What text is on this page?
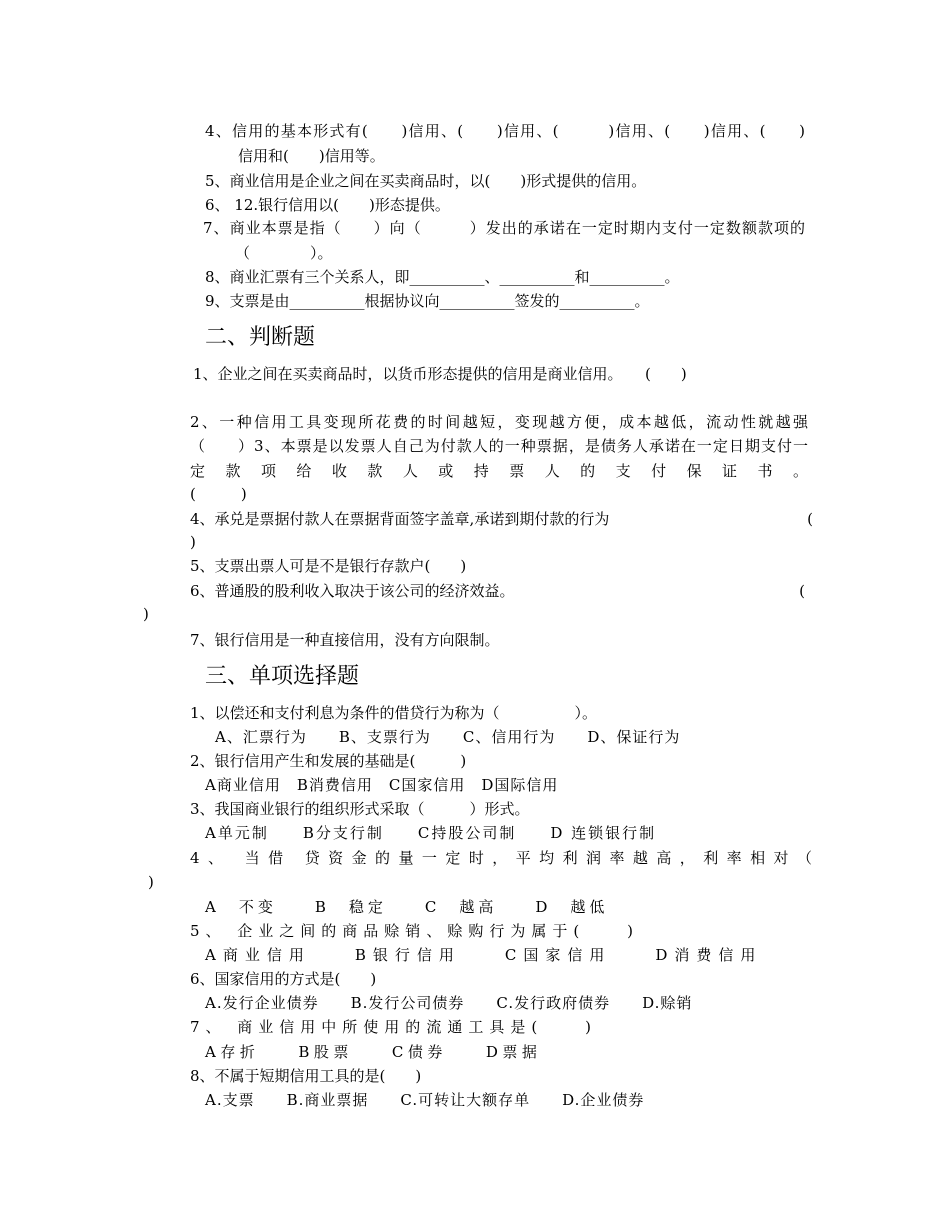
4、信用的基本形式有(　　)信用、(　　)信用、(　　　)信用、(　　)信用、(　　)
信用和(　　)信用等。
5、商业信用是企业之间在买卖商品时，以(　　)形式提供的信用。
6、 12.银行信用以(　　)形态提供。
7、商业本票是指（　　）向（　　　）发出的承诺在一定时期内支付一定数额款项的
（　　　　）。
8、商业汇票有三个关系人，即__________、__________和__________。
9、支票是由__________根据协议向__________签发的__________。
二、判断题
1、企业之间在买卖商品时，以货币形态提供的信用是商业信用。　　(　　)
2、一种信用工具变现所花费的时间越短，变现越方便，成本越低，流动性就越强
（　　）3、本票是以发票人自己为付款人的一种票据，是债务人承诺在一定日期支付一
定款项给收款人或持票人的支付保证书。
(　　　)
4、承兑是票据付款人在票据背面签字盖章,承诺到期付款的行为	(
)
5、支票出票人可是不是银行存款户(　　)
6、普通股的股利收入取决于该公司的经济效益。	(
)
7、银行信用是一种直接信用，没有方向限制。
三、单项选择题
1、以偿还和支付利息为条件的借贷行为称为（　　　　　）。
A、汇票行为　　B、支票行为　　C、信用行为　　D、保证行为
2、银行信用产生和发展的基础是(　　　)
A商业信用　B消费信用　C国家信用　D国际信用
3、我国商业银行的组织形式采取（　　　）形式。
A单元制　　B分支行制　　C持股公司制　　D 连锁银行制
4、 当借 贷资金的量一定时，平均利润率越高，利率相对（
)
A　不变　　B　稳定　　C　越高　　D　越低
5、 企业之间的商品赊销、赊购行为属于(　　)
A商业信用　　B银行信用　　C国家信用　　D消费信用
6、国家信用的方式是(　　)
A.发行企业债券　　B.发行公司债券　　C.发行政府债券　　D.赊销
7、 商业信用中所使用的流通工具是(　　)
A存折　　B股票　　C债券　　D票据
8、不属于短期信用工具的是(　　)
A.支票　　B.商业票据　　C.可转让大额存单　　D.企业债券
